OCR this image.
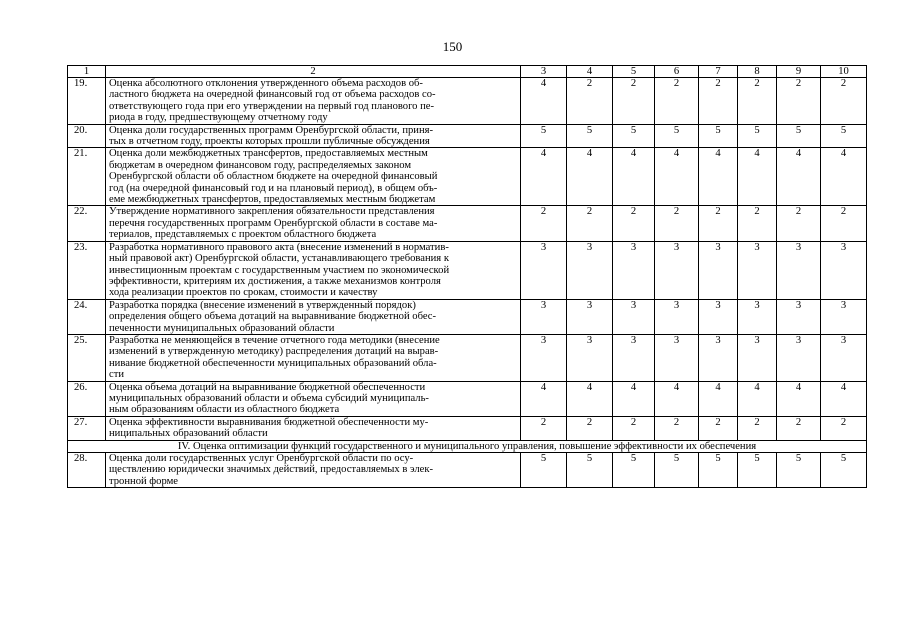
150
1	2	3	4	5	6	7	8	9	10
19.	Оценка абсолютного отклонения утвержденного объема расходов об-
ластного бюджета на очередной финансовый год от объема расходов со-
ответствующего года при его утверждении на первый год планового пе-
риода в году, предшествующему отчетному году	4	2	2	2	2	2	2	2
20.	Оценка доли государственных программ Оренбургской области, приня-
тых в отчетном году, проекты которых прошли публичные обсуждения	5	5	5	5	5	5	5	5
21.	Оценка доли межбюджетных трансфертов, предоставляемых местным
бюджетам в очередном финансовом году, распределяемых законом
Оренбургской области об областном бюджете на очередной финансовый
год (на очередной финансовый год и на плановый период), в общем объ-
еме межбюджетных трансфертов, предоставляемых местным бюджетам	4	4	4	4	4	4	4	4
22.	Утверждение нормативного закрепления обязательности представления
перечня государственных программ Оренбургской области в составе ма-
териалов, представляемых с проектом областного бюджета	2	2	2	2	2	2	2	2
23.	Разработка нормативного правового акта (внесение изменений в норматив-
ный правовой акт) Оренбургской области, устанавливающего требования к
инвестиционным проектам с государственным участием по экономической
эффективности, критериям их достижения, а также механизмов контроля
хода реализации проектов по срокам, стоимости и качеству	3	3	3	3	3	3	3	3
24.	Разработка порядка (внесение изменений в утвержденный порядок)
определения общего объема дотаций на выравнивание бюджетной обес-
печенности муниципальных образований области	3	3	3	3	3	3	3	3
25.	Разработка не меняющейся в течение отчетного года методики (внесение
изменений в утвержденную методику) распределения дотаций на вырав-
нивание бюджетной обеспеченности муниципальных образований обла-
сти	3	3	3	3	3	3	3	3
26.	Оценка объема дотаций на выравнивание бюджетной обеспеченности
муниципальных образований области и объема субсидий муниципаль-
ным образованиям области из областного бюджета	4	4	4	4	4	4	4	4
27.	Оценка эффективности выравнивания бюджетной обеспеченности му-
ниципальных образований области	2	2	2	2	2	2	2	2
IV. Оценка оптимизации функций государственного и муниципального управления, повышение эффективности их обеспечения									
28.	Оценка доли государственных услуг Оренбургской области по осу-
ществлению юридически значимых действий, предоставляемых в элек-
тронной форме	5	5	5	5	5	5	5	5
